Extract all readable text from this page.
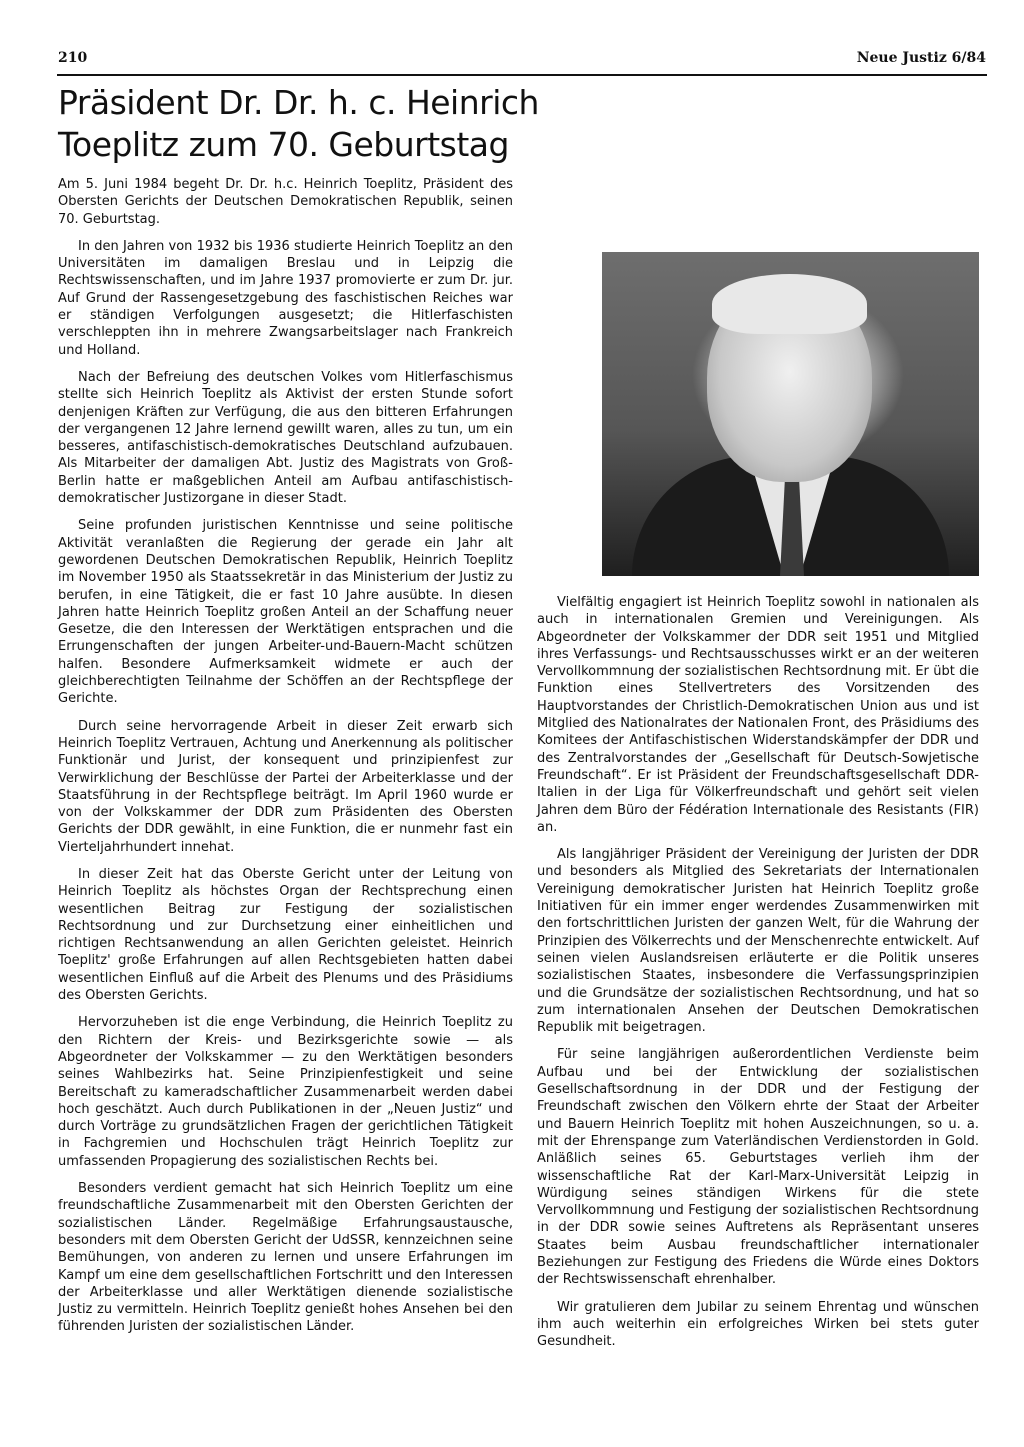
210	Neue Justiz 6/84
Präsident Dr. Dr. h. c. Heinrich Toeplitz zum 70. Geburtstag

Am 5. Juni 1984 begeht Dr. Dr. h.c. Heinrich Toeplitz, Präsident des Obersten Gerichts der Deutschen Demokratischen Republik, seinen 70. Geburtstag.

In den Jahren von 1932 bis 1936 studierte Heinrich Toeplitz an den Universitäten im damaligen Breslau und in Leipzig die Rechtswissenschaften, und im Jahre 1937 promovierte er zum Dr. jur. Auf Grund der Rassengesetzgebung des faschistischen Reiches war er ständigen Verfolgungen ausgesetzt; die Hitlerfaschisten verschleppten ihn in mehrere Zwangsarbeitslager nach Frankreich und Holland.

Nach der Befreiung des deutschen Volkes vom Hitlerfaschismus stellte sich Heinrich Toeplitz als Aktivist der ersten Stunde sofort denjenigen Kräften zur Verfügung, die aus den bitteren Erfahrungen der vergangenen 12 Jahre lernend gewillt waren, alles zu tun, um ein besseres, antifaschistisch-demokratisches Deutschland aufzubauen. Als Mitarbeiter der damaligen Abt. Justiz des Magistrats von Groß-Berlin hatte er maßgeblichen Anteil am Aufbau antifaschistisch-demokratischer Justizorgane in dieser Stadt.

Seine profunden juristischen Kenntnisse und seine politische Aktivität veranlaßten die Regierung der gerade ein Jahr alt gewordenen Deutschen Demokratischen Republik, Heinrich Toeplitz im November 1950 als Staatssekretär in das Ministerium der Justiz zu berufen, in eine Tätigkeit, die er fast 10 Jahre ausübte. In diesen Jahren hatte Heinrich Toeplitz großen Anteil an der Schaffung neuer Gesetze, die den Interessen der Werktätigen entsprachen und die Errungenschaften der jungen Arbeiter-und-Bauern-Macht schützen halfen. Besondere Aufmerksamkeit widmete er auch der gleichberechtigten Teilnahme der Schöffen an der Rechtspflege der Gerichte.

Durch seine hervorragende Arbeit in dieser Zeit erwarb sich Heinrich Toeplitz Vertrauen, Achtung und Anerkennung als politischer Funktionär und Jurist, der konsequent und prinzipienfest zur Verwirklichung der Beschlüsse der Partei der Arbeiterklasse und der Staatsführung in der Rechtspflege beiträgt. Im April 1960 wurde er von der Volkskammer der DDR zum Präsidenten des Obersten Gerichts der DDR gewählt, in eine Funktion, die er nunmehr fast ein Vierteljahrhundert innehat.

In dieser Zeit hat das Oberste Gericht unter der Leitung von Heinrich Toeplitz als höchstes Organ der Rechtsprechung einen wesentlichen Beitrag zur Festigung der sozialistischen Rechtsordnung und zur Durchsetzung einer einheitlichen und richtigen Rechtsanwendung an allen Gerichten geleistet. Heinrich Toeplitz' große Erfahrungen auf allen Rechtsgebieten hatten dabei wesentlichen Einfluß auf die Arbeit des Plenums und des Präsidiums des Obersten Gerichts.

Hervorzuheben ist die enge Verbindung, die Heinrich Toeplitz zu den Richtern der Kreis- und Bezirksgerichte sowie — als Abgeordneter der Volkskammer — zu den Werktätigen besonders seines Wahlbezirks hat. Seine Prinzipienfestigkeit und seine Bereitschaft zu kameradschaftlicher Zusammenarbeit werden dabei hoch geschätzt. Auch durch Publikationen in der „Neuen Justiz“ und durch Vorträge zu grundsätzlichen Fragen der gerichtlichen Tätigkeit in Fachgremien und Hochschulen trägt Heinrich Toeplitz zur umfassenden Propagierung des sozialistischen Rechts bei.

Besonders verdient gemacht hat sich Heinrich Toeplitz um eine freundschaftliche Zusammenarbeit mit den Obersten Gerichten der sozialistischen Länder. Regelmäßige Erfahrungsaustausche, besonders mit dem Obersten Gericht der UdSSR, kennzeichnen seine Bemühungen, von anderen zu lernen und unsere Erfahrungen im Kampf um eine dem gesellschaftlichen Fortschritt und den Interessen der Arbeiterklasse und aller Werktätigen dienende sozialistische Justiz zu vermitteln. Heinrich Toeplitz genießt hohes Ansehen bei den führenden Juristen der sozialistischen Länder.

Vielfältig engagiert ist Heinrich Toeplitz sowohl in nationalen als auch in internationalen Gremien und Vereinigungen. Als Abgeordneter der Volkskammer der DDR seit 1951 und Mitglied ihres Verfassungs- und Rechtsausschusses wirkt er an der weiteren Vervollkommnung der sozialistischen Rechtsordnung mit. Er übt die Funktion eines Stellvertreters des Vorsitzenden des Hauptvorstandes der Christlich-Demokratischen Union aus und ist Mitglied des Nationalrates der Nationalen Front, des Präsidiums des Komitees der Antifaschistischen Widerstandskämpfer der DDR und des Zentralvorstandes der „Gesellschaft für Deutsch-Sowjetische Freundschaft“. Er ist Präsident der Freundschaftsgesellschaft DDR-Italien in der Liga für Völkerfreundschaft und gehört seit vielen Jahren dem Büro der Fédération Internationale des Resistants (FIR) an.

Als langjähriger Präsident der Vereinigung der Juristen der DDR und besonders als Mitglied des Sekretariats der Internationalen Vereinigung demokratischer Juristen hat Heinrich Toeplitz große Initiativen für ein immer enger werdendes Zusammenwirken mit den fortschrittlichen Juristen der ganzen Welt, für die Wahrung der Prinzipien des Völkerrechts und der Menschenrechte entwickelt. Auf seinen vielen Auslandsreisen erläuterte er die Politik unseres sozialistischen Staates, insbesondere die Verfassungsprinzipien und die Grundsätze der sozialistischen Rechtsordnung, und hat so zum internationalen Ansehen der Deutschen Demokratischen Republik mit beigetragen.

Für seine langjährigen außerordentlichen Verdienste beim Aufbau und bei der Entwicklung der sozialistischen Gesellschaftsordnung in der DDR und der Festigung der Freundschaft zwischen den Völkern ehrte der Staat der Arbeiter und Bauern Heinrich Toeplitz mit hohen Auszeichnungen, so u. a. mit der Ehrenspange zum Vaterländischen Verdienstorden in Gold. Anläßlich seines 65. Geburtstages verlieh ihm der wissenschaftliche Rat der Karl-Marx-Universität Leipzig in Würdigung seines ständigen Wirkens für die stete Vervollkommnung und Festigung der sozialistischen Rechtsordnung in der DDR sowie seines Auftretens als Repräsentant unseres Staates beim Ausbau freundschaftlicher internationaler Beziehungen zur Festigung des Friedens die Würde eines Doktors der Rechtswissenschaft ehrenhalber.

Wir gratulieren dem Jubilar zu seinem Ehrentag und wünschen ihm auch weiterhin ein erfolgreiches Wirken bei stets guter Gesundheit.
